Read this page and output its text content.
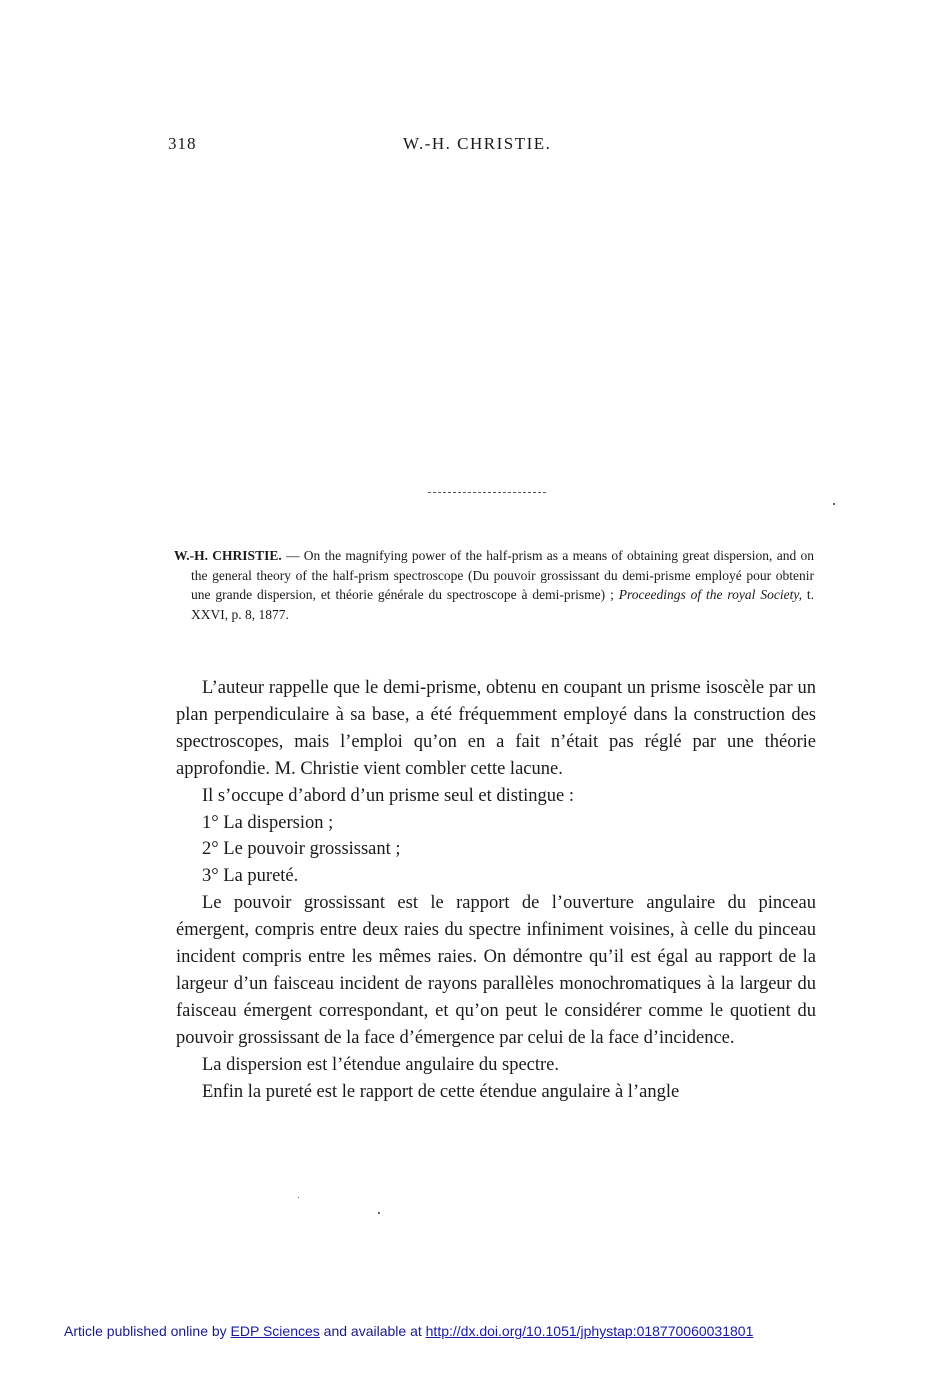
318	W.-H. CHRISTIE.
W.-H. CHRISTIE. — On the magnifying power of the half-prism as a means of obtaining great dispersion, and on the general theory of the half-prism spectroscope (Du pouvoir grossissant du demi-prisme employé pour obtenir une grande dispersion, et théorie générale du spectroscope à demi-prisme) ; Proceedings of the royal Society, t. XXVI, p. 8, 1877.

L’auteur rappelle que le demi-prisme, obtenu en coupant un prisme isoscèle par un plan perpendiculaire à sa base, a été fréquemment employé dans la construction des spectroscopes, mais l’emploi qu’on en a fait n’était pas réglé par une théorie approfondie. M. Christie vient combler cette lacune.

Il s’occupe d’abord d’un prisme seul et distingue :

1° La dispersion ;

2° Le pouvoir grossissant ;

3° La pureté.

Le pouvoir grossissant est le rapport de l’ouverture angulaire du pinceau émergent, compris entre deux raies du spectre infiniment voisines, à celle du pinceau incident compris entre les mêmes raies. On démontre qu’il est égal au rapport de la largeur d’un faisceau incident de rayons parallèles monochromatiques à la largeur du faisceau émergent correspondant, et qu’on peut le considérer comme le quotient du pouvoir grossissant de la face d’émergence par celui de la face d’incidence.

La dispersion est l’étendue angulaire du spectre.

Enfin la pureté est le rapport de cette étendue angulaire à l’angle

Article published online by EDP Sciences and available at http://dx.doi.org/10.1051/jphystap:018770060031801
